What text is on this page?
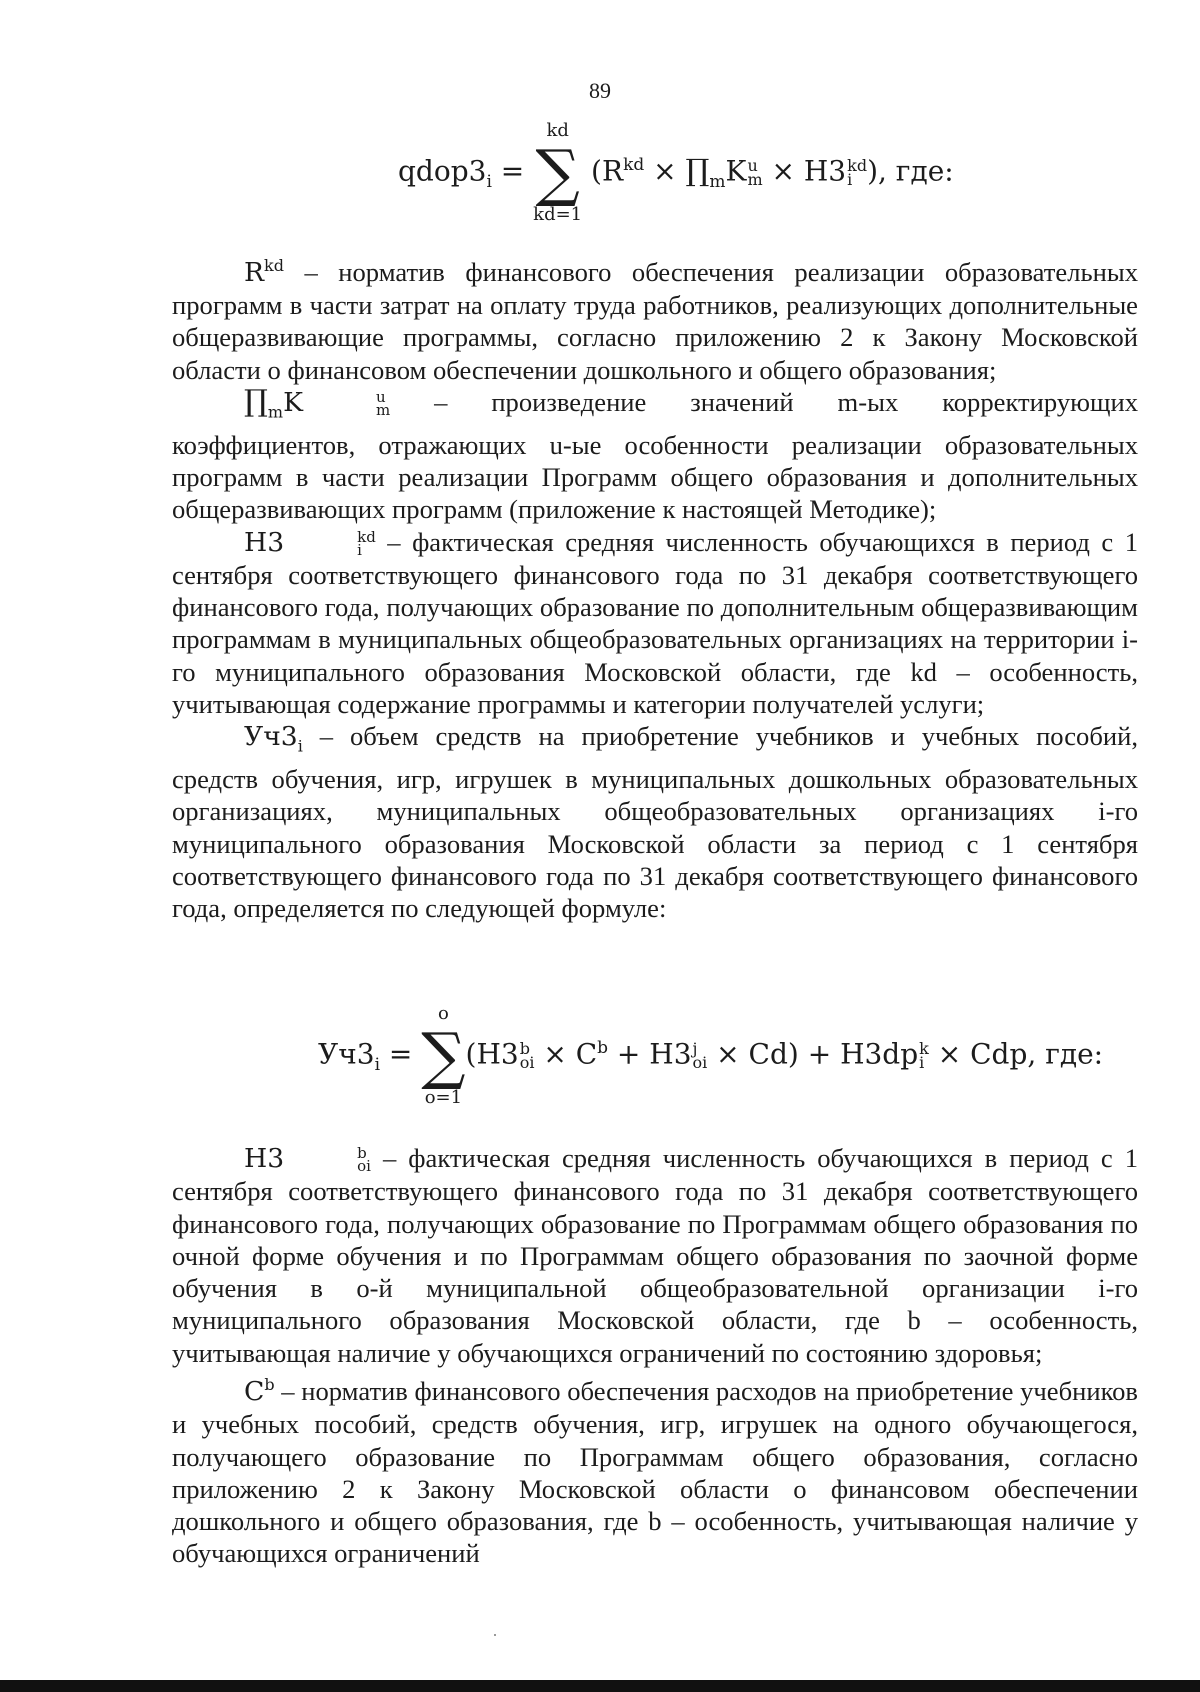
89
$qdop3_i$ =
kd
∑
kd=1
($R^{kd}$ × $\prod_mK$ u
m × Н3 kd
i ), где:

$R^{kd}$ – норматив финансового обеспечения реализации образовательных программ в части затрат на оплату труда работников, реализующих дополнительные общеразвивающие программы, согласно приложению 2 к Закону Московской области о финансовом обеспечении дошкольного и общего образования;

$\prod_mK$	u
m – произведение значений m-ых корректирующих коэффициентов, отражающих u-ые особенности реализации образовательных программ в части реализации Программ общего образования и дополнительных общеразвивающих программ (приложение к настоящей Методике);

Н3	kd
i – фактическая средняя численность обучающихся в период с 1 сентября соответствующего финансового года по 31 декабря соответствующего финансового года, получающих образование по дополнительным общеразвивающим программам в муниципальных общеобразовательных организациях на территории i-го муниципального образования Московской области, где kd – особенность, учитывающая содержание программы и категории получателей услуги;

$Уч3_i$ – объем средств на приобретение учебников и учебных пособий, средств обучения, игр, игрушек в муниципальных дошкольных образовательных организациях, муниципальных общеобразовательных организациях i-го муниципального образования Московской области за период с 1 сентября соответствующего финансового года по 31 декабря соответствующего финансового года, определяется по следующей формуле:

$Уч3_i$ =
o
∑
o=1
(Н3 b
oi × $C^b + Н3$ j
oi × Cd) + Н3dp k
i × Cdp, где:

Н3	b
oi – фактическая средняя численность обучающихся в период с 1 сентября соответствующего финансового года по 31 декабря соответствующего финансового года, получающих образование по Программам общего образования по очной форме обучения и по Программам общего образования по заочной форме обучения в о-й муниципальной общеобразовательной организации i-го муниципального образования Московской области, где b – особенность, учитывающая наличие у обучающихся ограничений по состоянию здоровья;

$C^b$ – норматив финансового обеспечения расходов на приобретение учебников и учебных пособий, средств обучения, игр, игрушек на одного обучающегося, получающего образование по Программам общего образования, согласно приложению 2 к Закону Московской области о финансовом обеспечении дошкольного и общего образования, где b – особенность, учитывающая наличие у обучающихся ограничений
